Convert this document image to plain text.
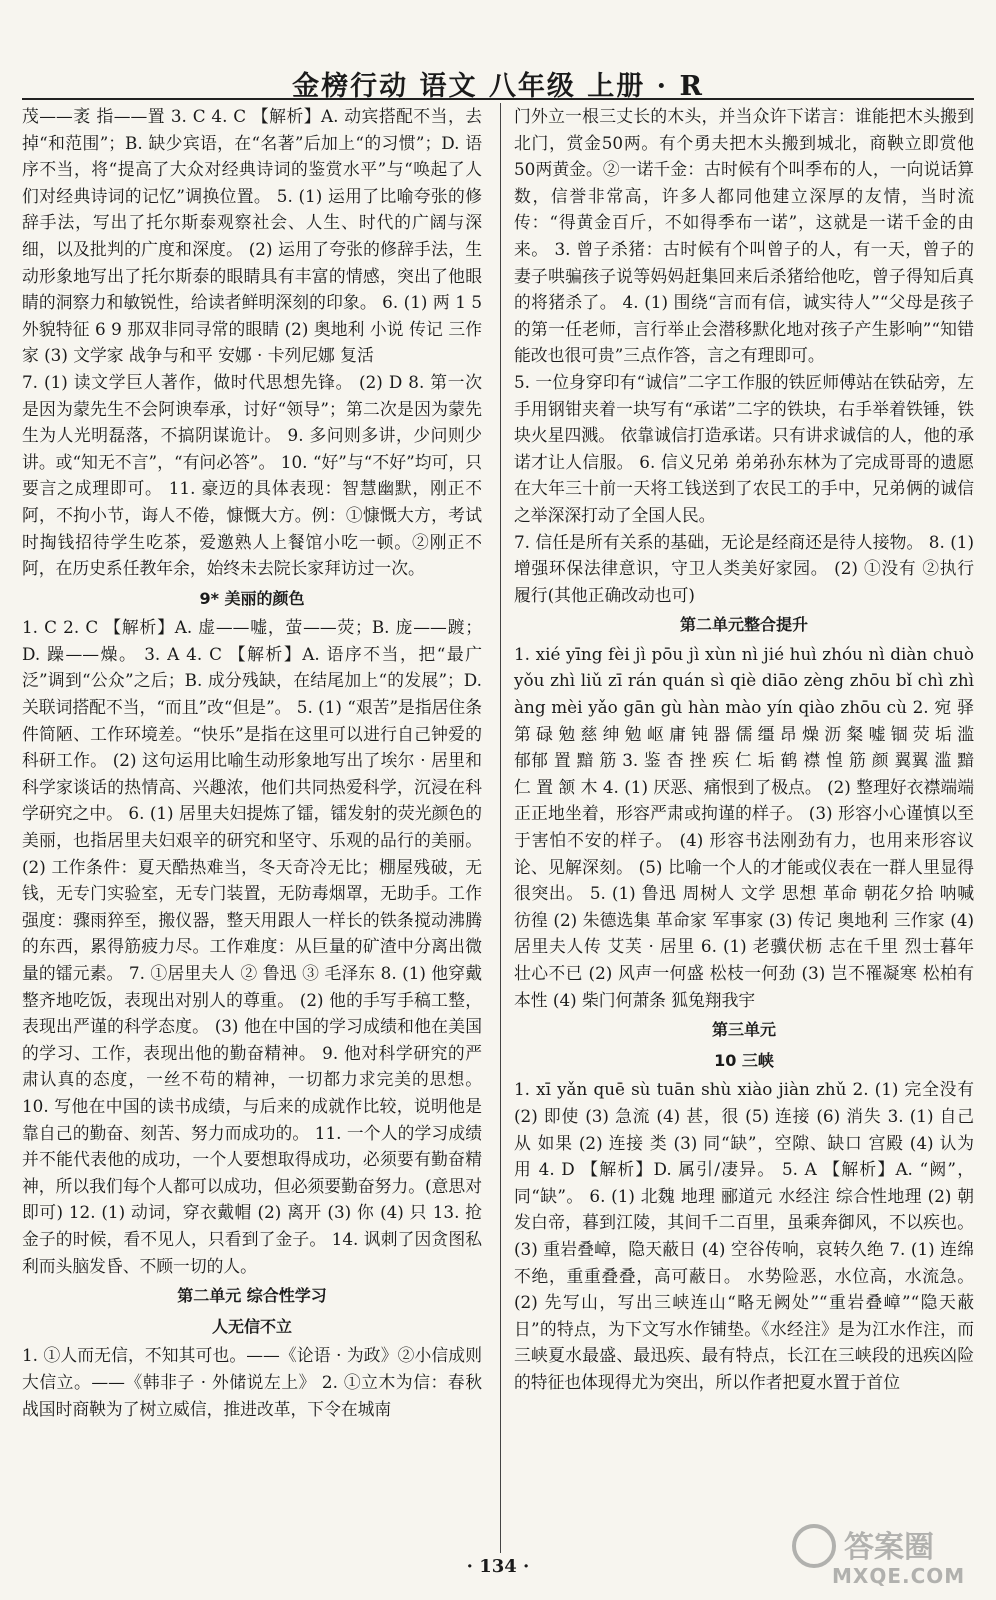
金榜行动 语文 八年级 上册 · R

茂——袤 指——置 3. C 4. C 【解析】A. 动宾搭配不当，去掉“和范围”；B. 缺少宾语，在“名著”后加上“的习惯”；D. 语序不当，将“提高了大众对经典诗词的鉴赏水平”与“唤起了人们对经典诗词的记忆”调换位置。 5. (1) 运用了比喻夸张的修辞手法，写出了托尔斯泰观察社会、人生、时代的广阔与深细，以及批判的广度和深度。 (2) 运用了夸张的修辞手法，生动形象地写出了托尔斯泰的眼睛具有丰富的情感，突出了他眼睛的洞察力和敏锐性，给读者鲜明深刻的印象。 6. (1) 两 1 5 外貌特征 6 9 那双非同寻常的眼睛 (2) 奥地利 小说 传记 三作家 (3) 文学家 战争与和平 安娜 · 卡列尼娜 复活

7. (1) 读文学巨人著作，做时代思想先锋。 (2) D 8. 第一次是因为蒙先生不会阿谀奉承，讨好“领导”；第二次是因为蒙先生为人光明磊落，不搞阴谋诡计。 9. 多问则多讲，少问则少讲。或“知无不言”，“有问必答”。 10. “好”与“不好”均可，只要言之成理即可。 11. 豪迈的具体表现：智慧幽默，刚正不阿，不拘小节，诲人不倦，慷慨大方。例：①慷慨大方，考试时掏钱招待学生吃茶，爱邀熟人上餐馆小吃一顿。②刚正不阿，在历史系任教年余，始终未去院长家拜访过一次。

9* 美丽的颜色

1. C 2. C 【解析】A. 虚——嘘，萤——荧；B. 庞——踱；D. 躁——燥。 3. A 4. C 【解析】A. 语序不当，把“最广泛”调到“公众”之后；B. 成分残缺，在结尾加上“的发展”；D. 关联词搭配不当，“而且”改“但是”。 5. (1) “艰苦”是指居住条件简陋、工作环境差。“快乐”是指在这里可以进行自己钟爱的科研工作。 (2) 这句运用比喻生动形象地写出了埃尔 · 居里和科学家谈话的热情高、兴趣浓，他们共同热爱科学，沉浸在科学研究之中。 6. (1) 居里夫妇提炼了镭，镭发射的荧光颜色的美丽，也指居里夫妇艰辛的研究和坚守、乐观的品行的美丽。 (2) 工作条件：夏天酷热难当，冬天奇冷无比；棚屋残破，无钱，无专门实验室，无专门装置，无防毒烟罩，无助手。工作强度：骤雨猝至，搬仪器，整天用跟人一样长的铁条搅动沸腾的东西，累得筋疲力尽。工作难度：从巨量的矿渣中分离出微量的镭元素。 7. ①居里夫人 ② 鲁迅 ③ 毛泽东 8. (1) 他穿戴整齐地吃饭，表现出对别人的尊重。 (2) 他的手写手稿工整，表现出严谨的科学态度。 (3) 他在中国的学习成绩和他在美国的学习、工作，表现出他的勤奋精神。 9. 他对科学研究的严肃认真的态度，一丝不苟的精神，一切都力求完美的思想。 10. 写他在中国的读书成绩，与后来的成就作比较，说明他是靠自己的勤奋、刻苦、努力而成功的。 11. 一个人的学习成绩并不能代表他的成功，一个人要想取得成功，必须要有勤奋精神，所以我们每个人都可以成功，但必须要勤奋努力。(意思对即可) 12. (1) 动词，穿衣戴帽 (2) 离开 (3) 你 (4) 只 13. 抢金子的时候，看不见人，只看到了金子。 14. 讽刺了因贪图私利而头脑发昏、不顾一切的人。

第二单元 综合性学习
人无信不立

1. ①人而无信，不知其可也。——《论语 · 为政》②小信成则大信立。——《韩非子 · 外储说左上》 2. ①立木为信：春秋战国时商鞅为了树立威信，推进改革，下令在城南

门外立一根三丈长的木头，并当众许下诺言：谁能把木头搬到北门，赏金50两。有个勇夫把木头搬到城北，商鞅立即赏他50两黄金。②一诺千金：古时候有个叫季布的人，一向说话算数，信誉非常高，许多人都同他建立深厚的友情，当时流传：“得黄金百斤，不如得季布一诺”，这就是一诺千金的由来。 3. 曾子杀猪：古时候有个叫曾子的人，有一天，曾子的妻子哄骗孩子说等妈妈赶集回来后杀猪给他吃，曾子得知后真的将猪杀了。 4. (1) 围绕“言而有信，诚实待人”“父母是孩子的第一任老师，言行举止会潜移默化地对孩子产生影响”“知错能改也很可贵”三点作答，言之有理即可。

5. 一位身穿印有“诚信”二字工作服的铁匠师傅站在铁砧旁，左手用钢钳夹着一块写有“承诺”二字的铁块，右手举着铁锤，铁块火星四溅。 依靠诚信打造承诺。只有讲求诚信的人，他的承诺才让人信服。 6. 信义兄弟 弟弟孙东林为了完成哥哥的遗愿在大年三十前一天将工钱送到了农民工的手中，兄弟俩的诚信之举深深打动了全国人民。

7. 信任是所有关系的基础，无论是经商还是待人接物。 8. (1) 增强环保法律意识，守卫人类美好家园。 (2) ①没有 ②执行 履行(其他正确改动也可)

第二单元整合提升

1. xié yīng fèi jì pōu jì xùn nì jié huì zhóu nì diàn chuò yǒu zhì liǔ zī rán quán sì qiè diāo zèng zhōu bǐ chì zhì àng mèi yǎo gān gù hàn mào yín qiào zhōu cù 2. 宛 驿 第 碌 勉 慈 绅 勉 岖 庸 钝 器 儒 缰 昂 燥 沥 粲 嘘 锢 荧 垢 滥 郁郁 置 黯 筋 3. 鉴 杳 挫 疾 仁 垢 鹤 襟 惶 筋 颜 翼翼 滥 黯 仁 置 颔 木 4. (1) 厌恶、痛恨到了极点。 (2) 整理好衣襟端端正正地坐着，形容严肃或拘谨的样子。 (3) 形容小心谨慎以至于害怕不安的样子。 (4) 形容书法刚劲有力，也用来形容议论、见解深刻。 (5) 比喻一个人的才能或仪表在一群人里显得很突出。 5. (1) 鲁迅 周树人 文学 思想 革命 朝花夕拾 呐喊 彷徨 (2) 朱德选集 革命家 军事家 (3) 传记 奥地利 三作家 (4) 居里夫人传 艾芙 · 居里 6. (1) 老骥伏枥 志在千里 烈士暮年 壮心不已 (2) 风声一何盛 松枝一何劲 (3) 岂不罹凝寒 松柏有本性 (4) 柴门何萧条 狐兔翔我宇

第三单元
10 三峡

1. xī yǎn quē sù tuān shù xiào jiàn zhǔ 2. (1) 完全没有 (2) 即使 (3) 急流 (4) 甚，很 (5) 连接 (6) 消失 3. (1) 自己 从 如果 (2) 连接 类 (3) 同“缺”，空隙、缺口 宫殿 (4) 认为 用 4. D 【解析】D. 属引/凄异。 5. A 【解析】A. “阙”，同“缺”。 6. (1) 北魏 地理 郦道元 水经注 综合性地理 (2) 朝发白帝，暮到江陵，其间千二百里，虽乘奔御风，不以疾也。 (3) 重岩叠嶂，隐天蔽日 (4) 空谷传响，哀转久绝 7. (1) 连绵不绝，重重叠叠，高可蔽日。 水势险恶，水位高，水流急。 (2) 先写山，写出三峡连山“略无阙处”“重岩叠嶂”“隐天蔽日”的特点，为下文写水作铺垫。《水经注》是为江水作注，而三峡夏水最盛、最迅疾、最有特点，长江在三峡段的迅疾凶险的特征也体现得尤为突出，所以作者把夏水置于首位

· 134 ·
答案圈
MXQE.COM
